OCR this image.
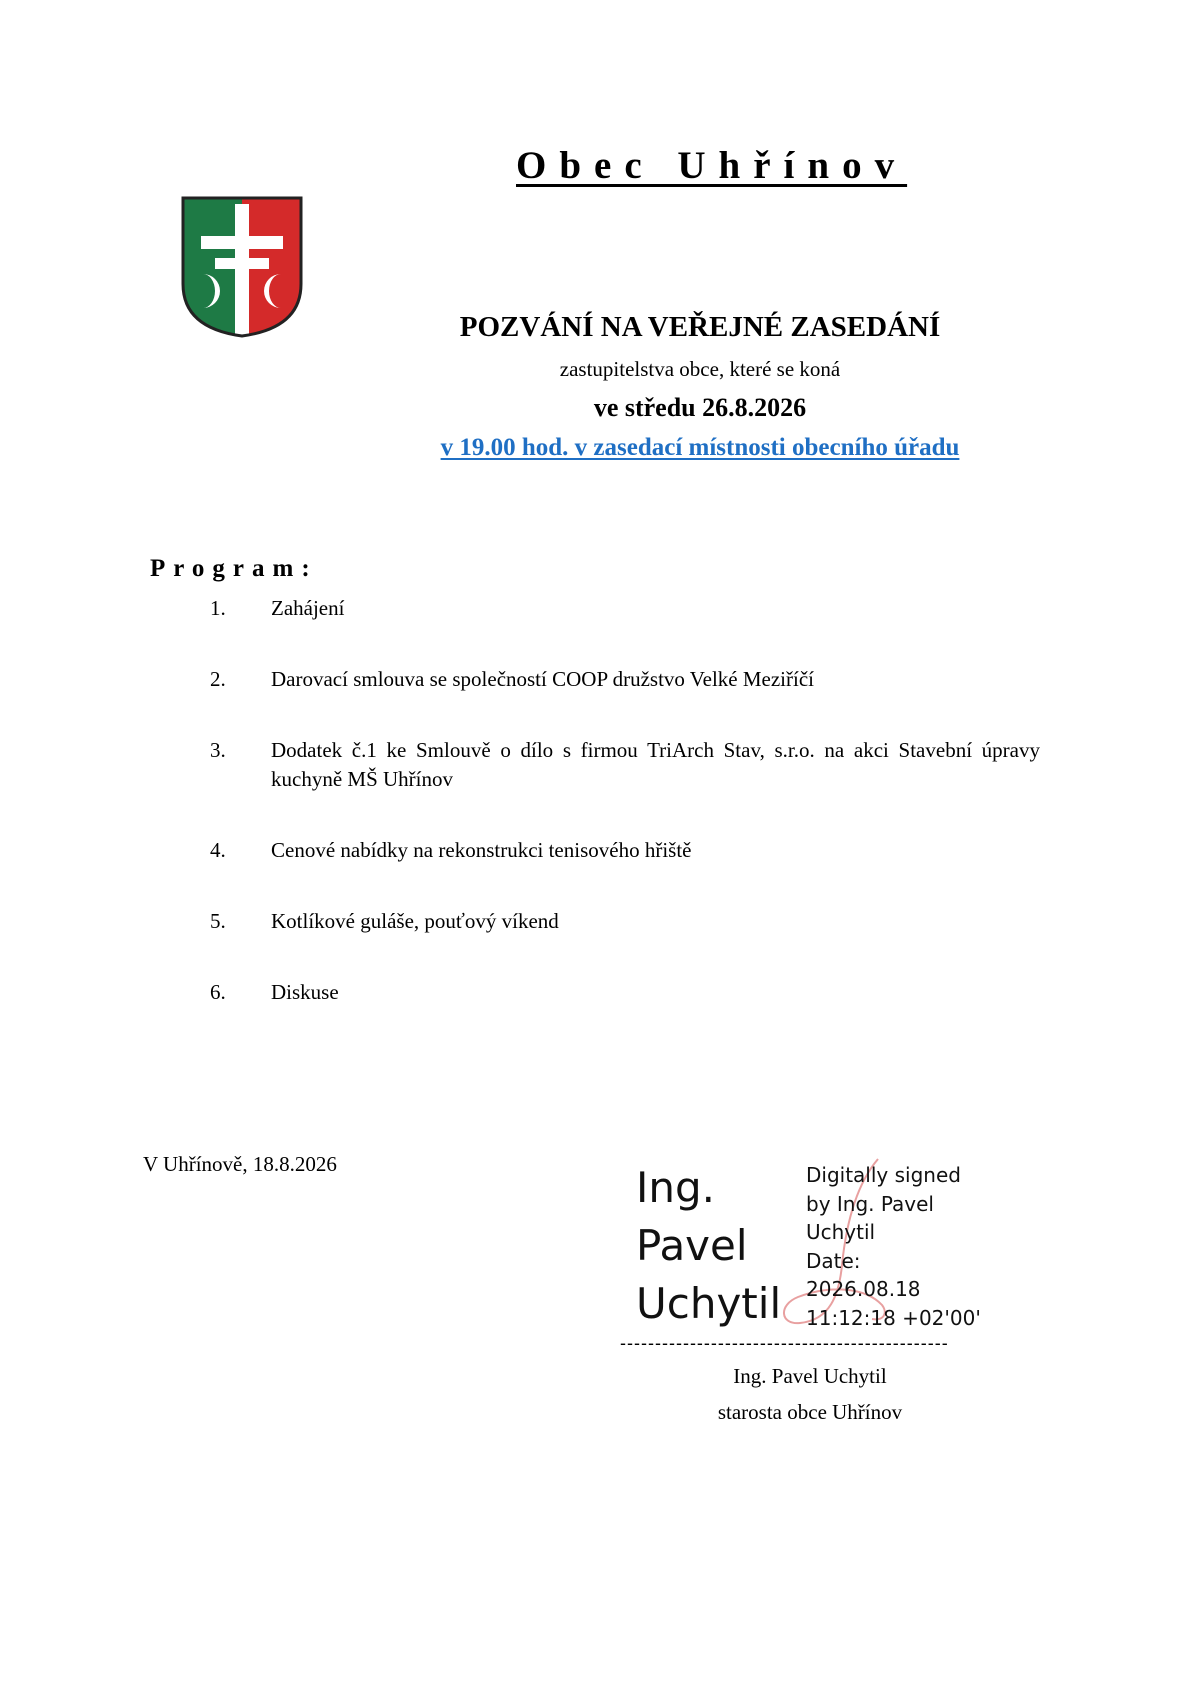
Obec Uhřínov
POZVÁNÍ NA VEŘEJNÉ ZASEDÁNÍ
zastupitelstva obce, které se koná
ve středu 26.8.2026
v 19.00 hod. v zasedací místnosti obecního úřadu
Program:
1.	Zahájení
2.	Darovací smlouva se společností COOP družstvo Velké Meziříčí
3.	Dodatek č.1 ke Smlouvě o dílo s firmou TriArch Stav, s.r.o. na akci Stavební úpravy kuchyně MŠ Uhřínov
4.	Cenové nabídky na rekonstrukci tenisového hřiště
5.	Kotlíkové guláše, pouťový víkend
6.	Diskuse
V Uhřínově, 18.8.2026	Ing.
Pavel
Uchytil
Digitally signed
by Ing. Pavel
Uchytil
Date:
2026.08.18
11:12:18 +02'00'
-----------------------------------------------
Ing. Pavel Uchytil
starosta obce Uhřínov
